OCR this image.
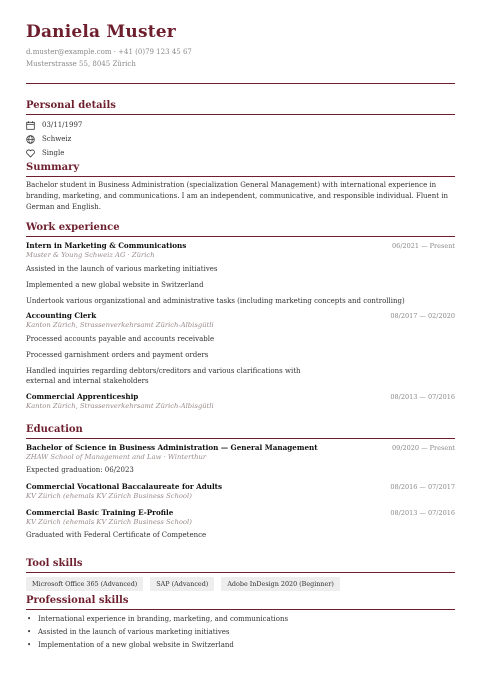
Daniela Muster
d.muster@example.com · +41 (0)79 123 45 67
Musterstrasse 55, 8045 Zürich
Personal details
03/11/1997
Schweiz
Single
Summary
Bachelor student in Business Administration (specialization General Management) with international experience in branding, marketing, and communications. I am an independent, communicative, and responsible individual. Fluent in German and English.
Work experience
Intern in Marketing & Communications	06/2021 — Present
Muster & Young Schweiz AG · Zürich
Assisted in the launch of various marketing initiatives
Implemented a new global website in Switzerland
Undertook various organizational and administrative tasks (including marketing concepts and controlling)
Accounting Clerk	08/2017 — 02/2020
Kanton Zürich, Strassenverkehrsamt Zürich-Albisgütli
Processed accounts payable and accounts receivable
Processed garnishment orders and payment orders
Handled inquiries regarding debtors/creditors and various clarifications with external and internal stakeholders
Commercial Apprenticeship	08/2013 — 07/2016
Kanton Zürich, Strassenverkehrsamt Zürich-Albisgütli
Education
Bachelor of Science in Business Administration — General Management	09/2020 — Present
ZHAW School of Management and Law · Winterthur
Expected graduation: 06/2023
Commercial Vocational Baccalaureate for Adults	08/2016 — 07/2017
KV Zürich (ehemals KV Zürich Business School)
Commercial Basic Training E-Profile	08/2013 — 07/2016
KV Zürich (ehemals KV Zürich Business School)
Graduated with Federal Certificate of Competence
Tool skills
Microsoft Office 365 (Advanced)	SAP (Advanced)	Adobe InDesign 2020 (Beginner)
Professional skills
• International experience in branding, marketing, and communications
• Assisted in the launch of various marketing initiatives
• Implementation of a new global website in Switzerland
